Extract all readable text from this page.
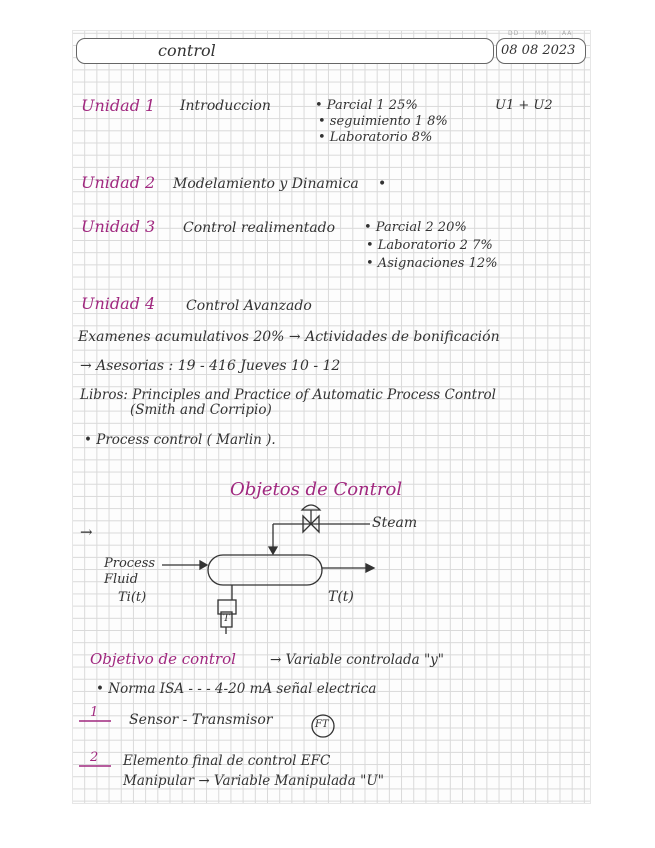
control	08 08 2023
DD	MM AA
Unidad 1 Introduccion	• Parcial 1 25%
• seguimiento 1 8%
• Laboratorio 8%
U1 + U2
Unidad 2 Modelamiento y Dinamica •
Unidad 3 Control realimentado • Parcial 2 20%
• Laboratorio 2 7%
• Asignaciones 12%
Unidad 4 Control Avanzado
Examenes acumulativos 20% → Actividades de bonificación
→ Asesorias : 19 - 416 Jueves 10 - 12
Libros: Principles and Practice of Automatic Process Control
(Smith and Corripio)
• Process control ( Marlin ).
Objetos de Control
→	Steam
Process
Fluid
Ti(t)	T(t)
T
Objetivo de control	→ Variable controlada "y"
• Norma ISA - - - 4-20 mA señal electrica
1 Sensor - Transmisor	FT
2 Elemento final de control EFC
Manipular → Variable Manipulada "U"
